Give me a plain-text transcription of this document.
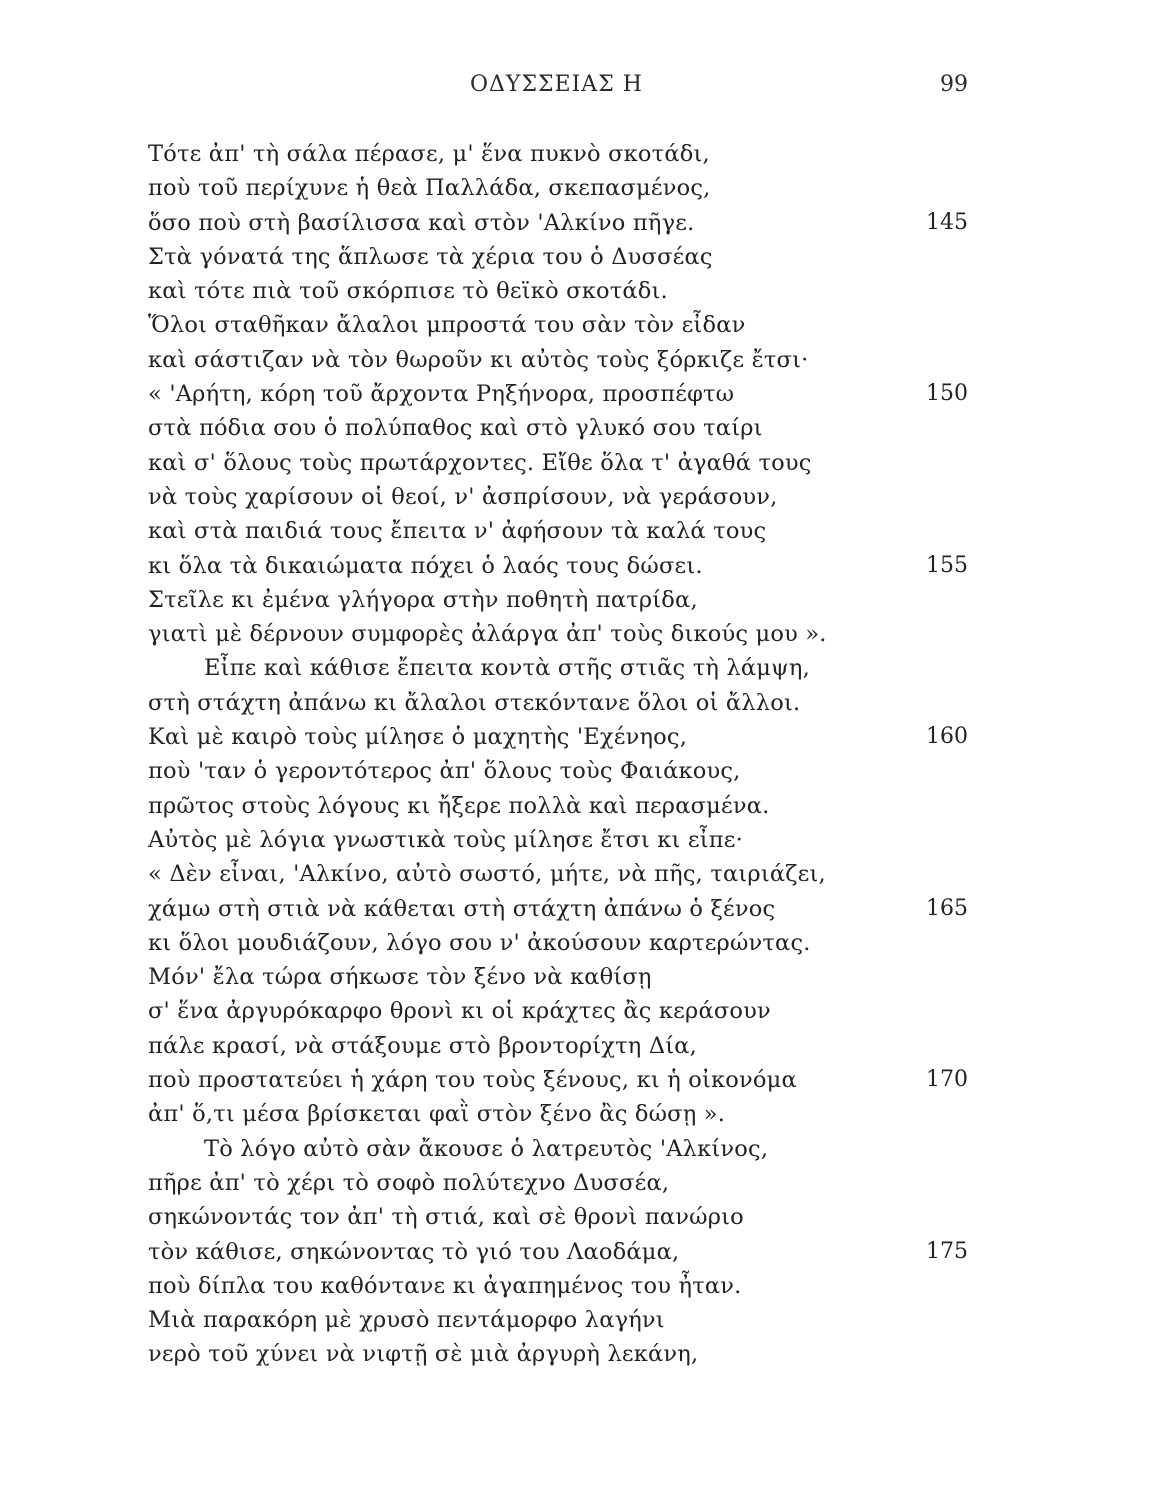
ΟΔΥΣΣΕΙΑΣ Η	99
Τότε ἀπ' τὴ σάλα πέρασε, μ' ἕνα πυκνὸ σκοτάδι,
ποὺ τοῦ περίχυνε ἡ θεὰ Παλλάδα, σκεπασμένος,
ὅσο ποὺ στὴ βασίλισσα καὶ στὸν 'Αλκίνο πῆγε.	145
Στὰ γόνατά της ἅπλωσε τὰ χέρια του ὁ Δυσσέας
καὶ τότε πιὰ τοῦ σκόρπισε τὸ θεϊκὸ σκοτάδι.
Ὅλοι σταθῆκαν ἄλαλοι μπροστά του σὰν τὸν εἶδαν
καὶ σάστιζαν νὰ τὸν θωροῦν κι αὐτὸς τοὺς ξόρκιζε ἔτσι·
« 'Αρήτη, κόρη τοῦ ἄρχοντα Ρηξήνορα, προσπέφτω	150
στὰ πόδια σου ὁ πολύπαθος καὶ στὸ γλυκό σου ταίρι
καὶ σ' ὅλους τοὺς πρωτάρχοντες. Εἴθε ὅλα τ' ἀγαθά τους
νὰ τοὺς χαρίσουν οἱ θεοί, ν' ἀσπρίσουν, νὰ γεράσουν,
καὶ στὰ παιδιά τους ἔπειτα ν' ἀφήσουν τὰ καλά τους
κι ὅλα τὰ δικαιώματα πόχει ὁ λαός τους δώσει.	155
Στεῖλε κι ἐμένα γλήγορα στὴν ποθητὴ πατρίδα,
γιατὶ μὲ δέρνουν συμφορὲς ἀλάργα ἀπ' τοὺς δικούς μου ».
Εἶπε καὶ κάθισε ἔπειτα κοντὰ στῆς στιᾶς τὴ λάμψη,
στὴ στάχτη ἀπάνω κι ἄλαλοι στεκόντανε ὅλοι οἱ ἄλλοι.
Καὶ μὲ καιρὸ τοὺς μίλησε ὁ μαχητὴς 'Εχένηος,	160
ποὺ 'ταν ὁ γεροντότερος ἀπ' ὅλους τοὺς Φαιάκους,
πρῶτος στοὺς λόγους κι ἤξερε πολλὰ καὶ περασμένα.
Αὐτὸς μὲ λόγια γνωστικὰ τοὺς μίλησε ἔτσι κι εἶπε·
« Δὲν εἶναι, 'Αλκίνο, αὐτὸ σωστό, μήτε, νὰ πῆς, ταιριάζει,
χάμω στὴ στιὰ νὰ κάθεται στὴ στάχτη ἀπάνω ὁ ξένος	165
κι ὅλοι μουδιάζουν, λόγο σου ν' ἀκούσουν καρτερώντας.
Μόν' ἔλα τώρα σήκωσε τὸν ξένο νὰ καθίσῃ
σ' ἕνα ἀργυρόκαρφο θρονὶ κι οἱ κράχτες ἂς κεράσουν
πάλε κρασί, νὰ στάξουμε στὸ βροντορίχτη Δία,
ποὺ προστατεύει ἡ χάρη του τοὺς ξένους, κι ἡ οἰκονόμα	170
ἀπ' ὅ,τι μέσα βρίσκεται φαῒ στὸν ξένο ἂς δώσῃ ».
Τὸ λόγο αὐτὸ σὰν ἄκουσε ὁ λατρευτὸς 'Αλκίνος,
πῆρε ἀπ' τὸ χέρι τὸ σοφὸ πολύτεχνο Δυσσέα,
σηκώνοντάς τον ἀπ' τὴ στιά, καὶ σὲ θρονὶ πανώριο
τὸν κάθισε, σηκώνοντας τὸ γιό του Λαοδάμα,	175
ποὺ δίπλα του καθόντανε κι ἀγαπημένος του ἦταν.
Μιὰ παρακόρη μὲ χρυσὸ πεντάμορφο λαγήνι
νερὸ τοῦ χύνει νὰ νιφτῇ σὲ μιὰ ἀργυρὴ λεκάνη,
